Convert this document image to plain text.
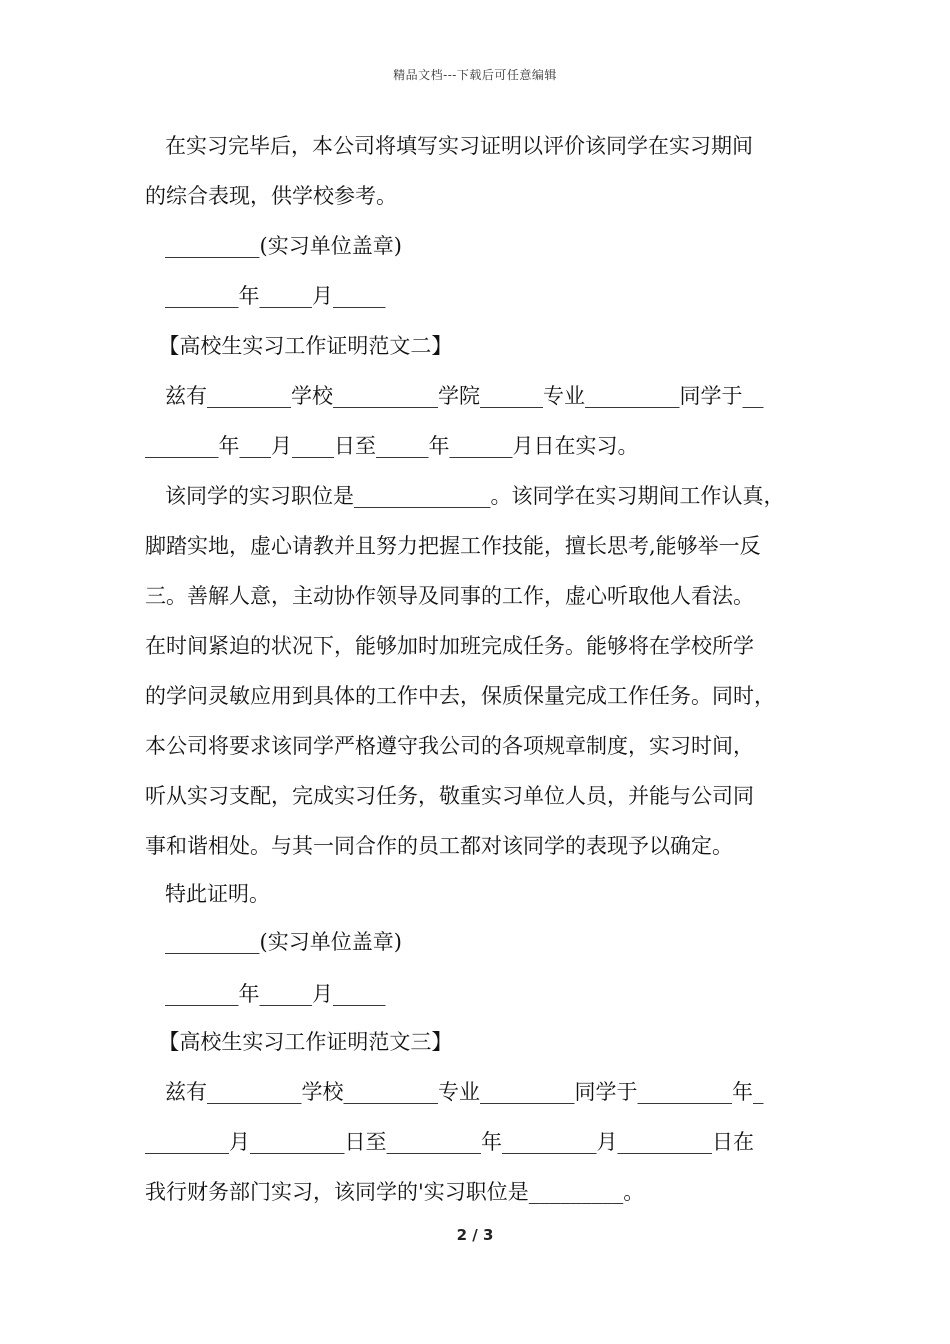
精品文档---下载后可任意编辑
在实习完毕后，本公司将填写实习证明以评价该同学在实习期间
的综合表现，供学校参考。
_________(实习单位盖章)
_______年_____月_____
【高校生实习工作证明范文二】
兹有________学校__________学院______专业_________同学于__
_______年___月____日至_____年______月日在实习。
该同学的实习职位是_____________。该同学在实习期间工作认真，
脚踏实地，虚心请教并且努力把握工作技能，擅长思考,能够举一反
三。善解人意，主动协作领导及同事的工作，虚心听取他人看法。
在时间紧迫的状况下，能够加时加班完成任务。能够将在学校所学
的学问灵敏应用到具体的工作中去，保质保量完成工作任务。同时，
本公司将要求该同学严格遵守我公司的各项规章制度，实习时间，
听从实习支配，完成实习任务，敬重实习单位人员，并能与公司同
事和谐相处。与其一同合作的员工都对该同学的表现予以确定。
特此证明。
_________(实习单位盖章)
_______年_____月_____
【高校生实习工作证明范文三】
兹有_________学校_________专业_________同学于_________年_
________月_________日至_________年_________月_________日在
我行财务部门实习，该同学的'实习职位是_________。
2 / 3
